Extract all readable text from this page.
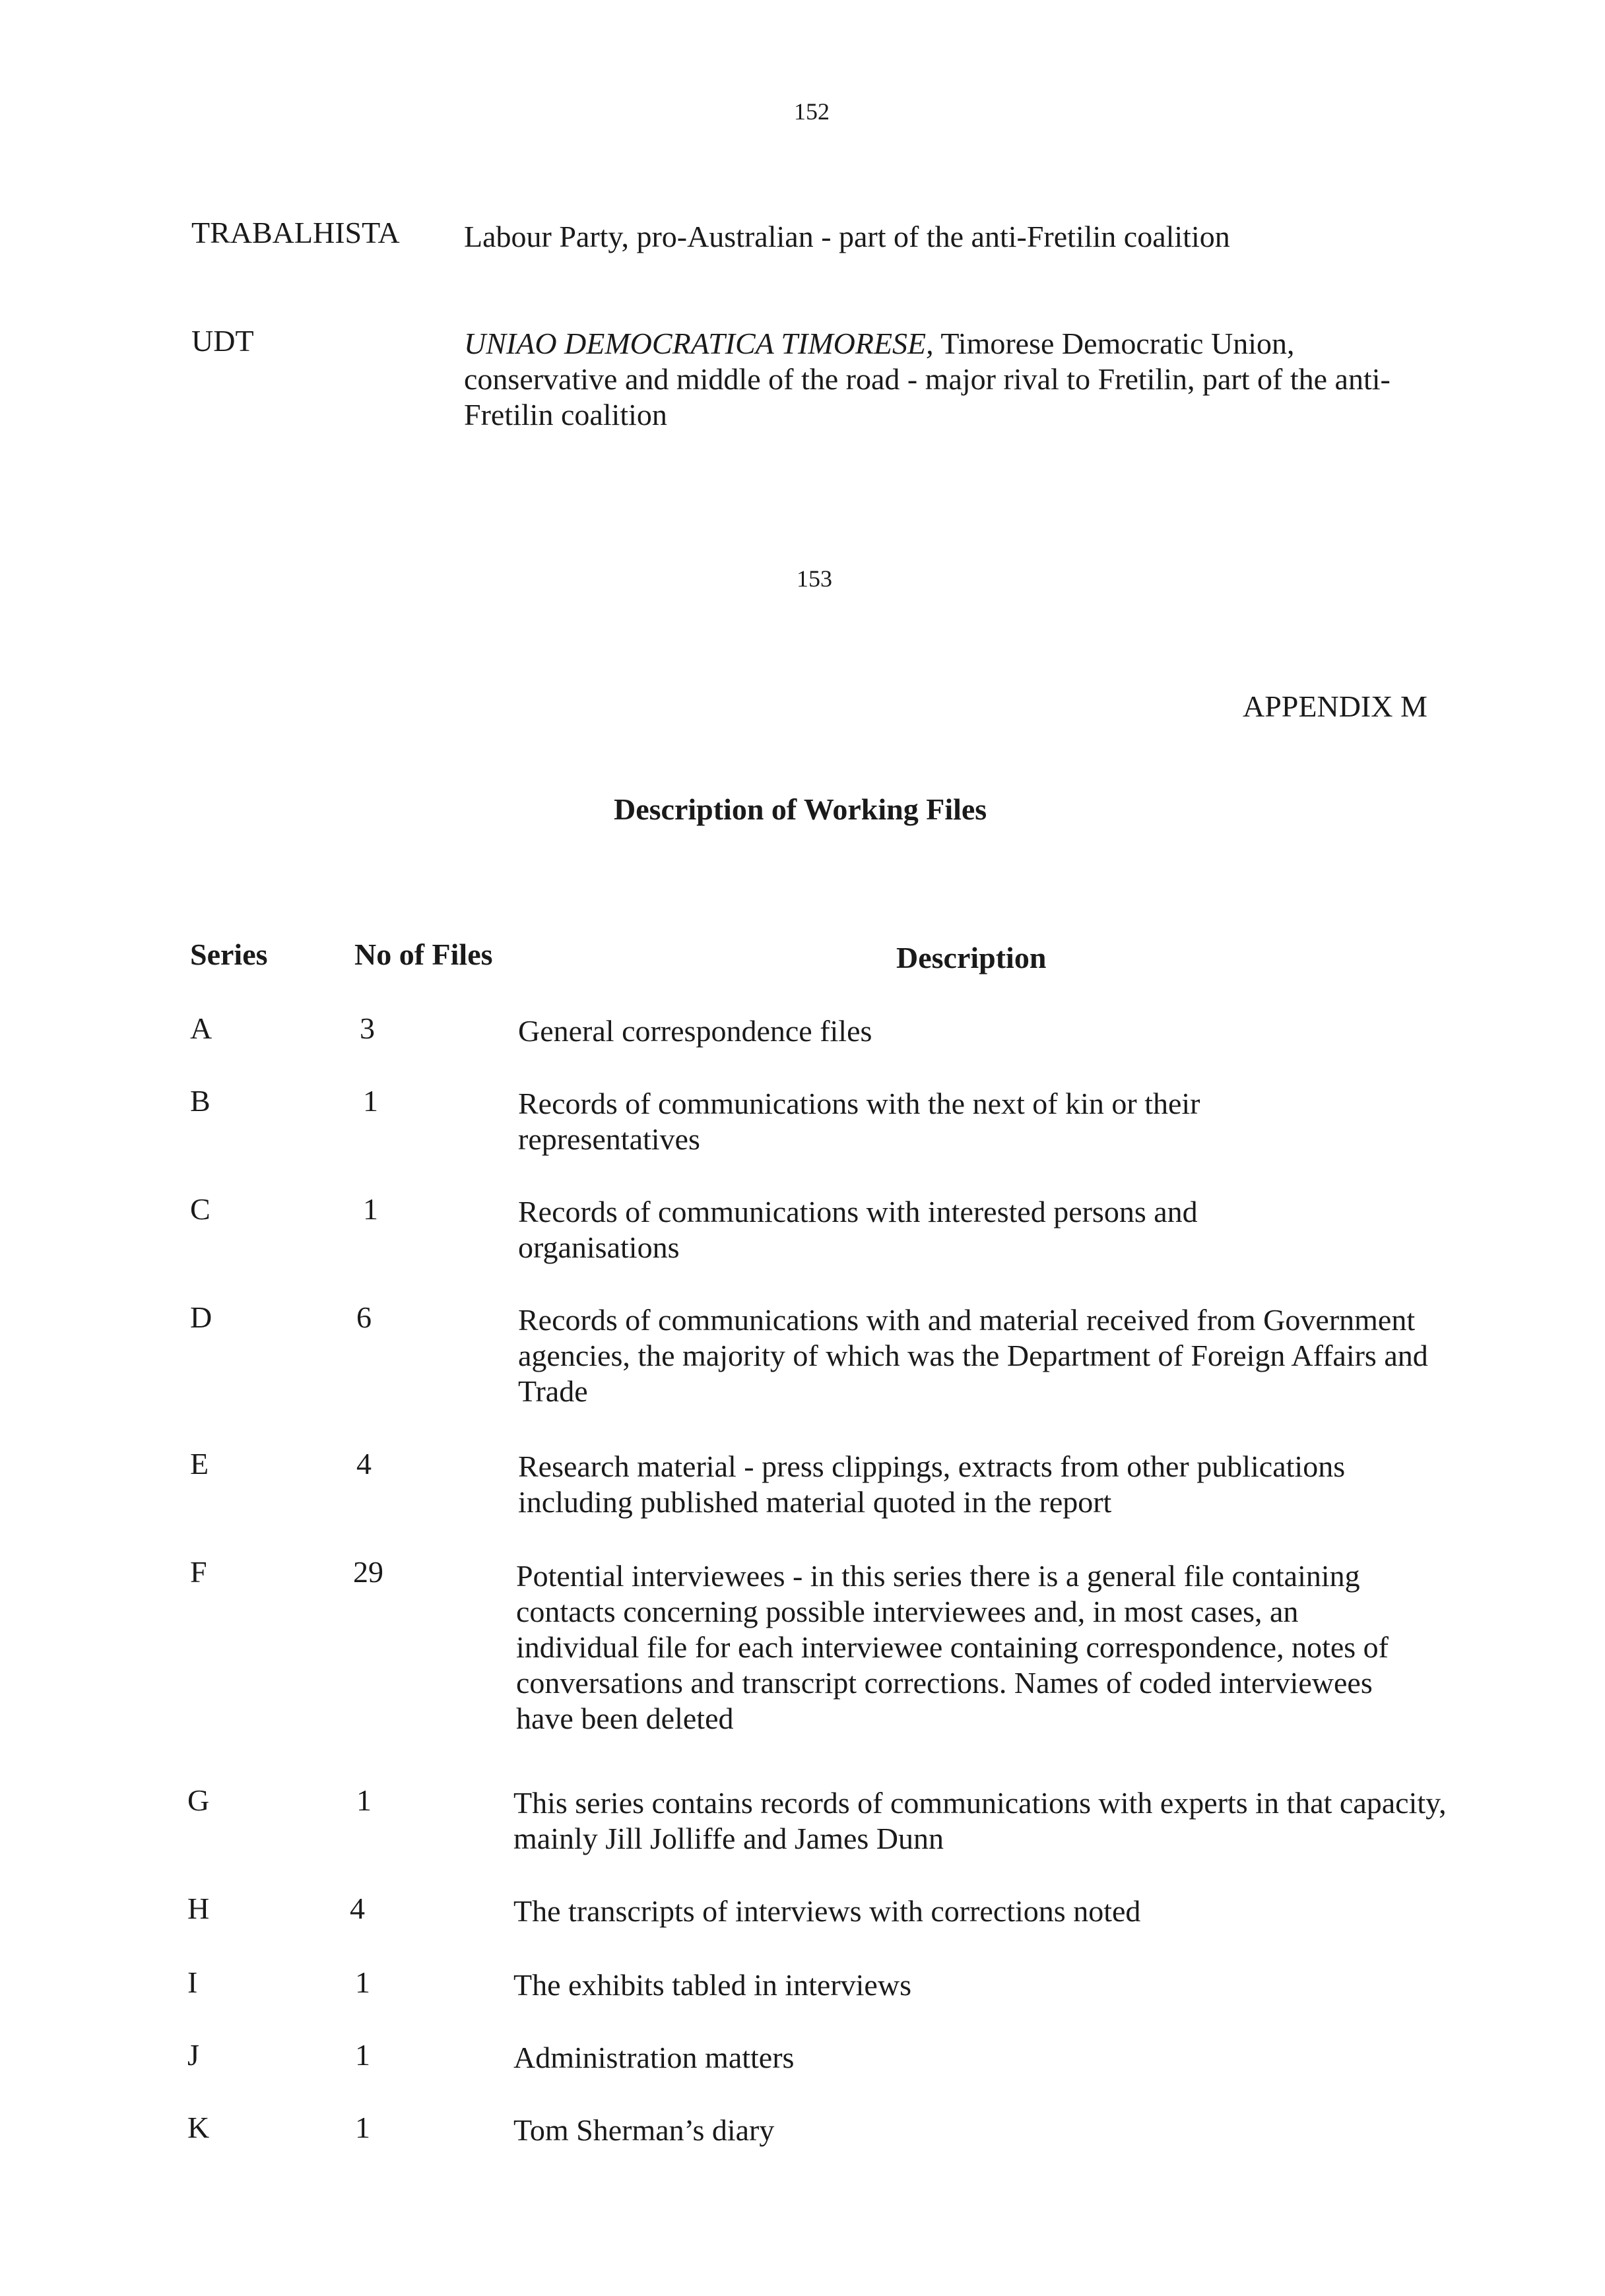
152
TRABALHISTA Labour Party, pro-Australian - part of the anti-Fretilin coalition
UDT	UNIAO DEMOCRATICA TIMORESE, Timorese Democratic Union, conservative and middle of the road - major rival to Fretilin, part of the anti-Fretilin coalition
153
APPENDIX M
Description of Working Files
Series	No of Files	Description
A	3	General correspondence files
B	1	Records of communications with the next of kin or their representatives
C	1	Records of communications with interested persons and organisations
D	6	Records of communications with and material received from Government agencies, the majority of which was the Department of Foreign Affairs and Trade
E	4	Research material - press clippings, extracts from other publications including published material quoted in the report
F	29	Potential interviewees - in this series there is a general file containing contacts concerning possible interviewees and, in most cases, an individual file for each interviewee containing correspondence, notes of conversations and transcript corrections. Names of coded interviewees have been deleted
G	1	This series contains records of communications with experts in that capacity, mainly Jill Jolliffe and James Dunn
H	4	The transcripts of interviews with corrections noted
I	1	The exhibits tabled in interviews
J	1	Administration matters
K	1	Tom Sherman’s diary
